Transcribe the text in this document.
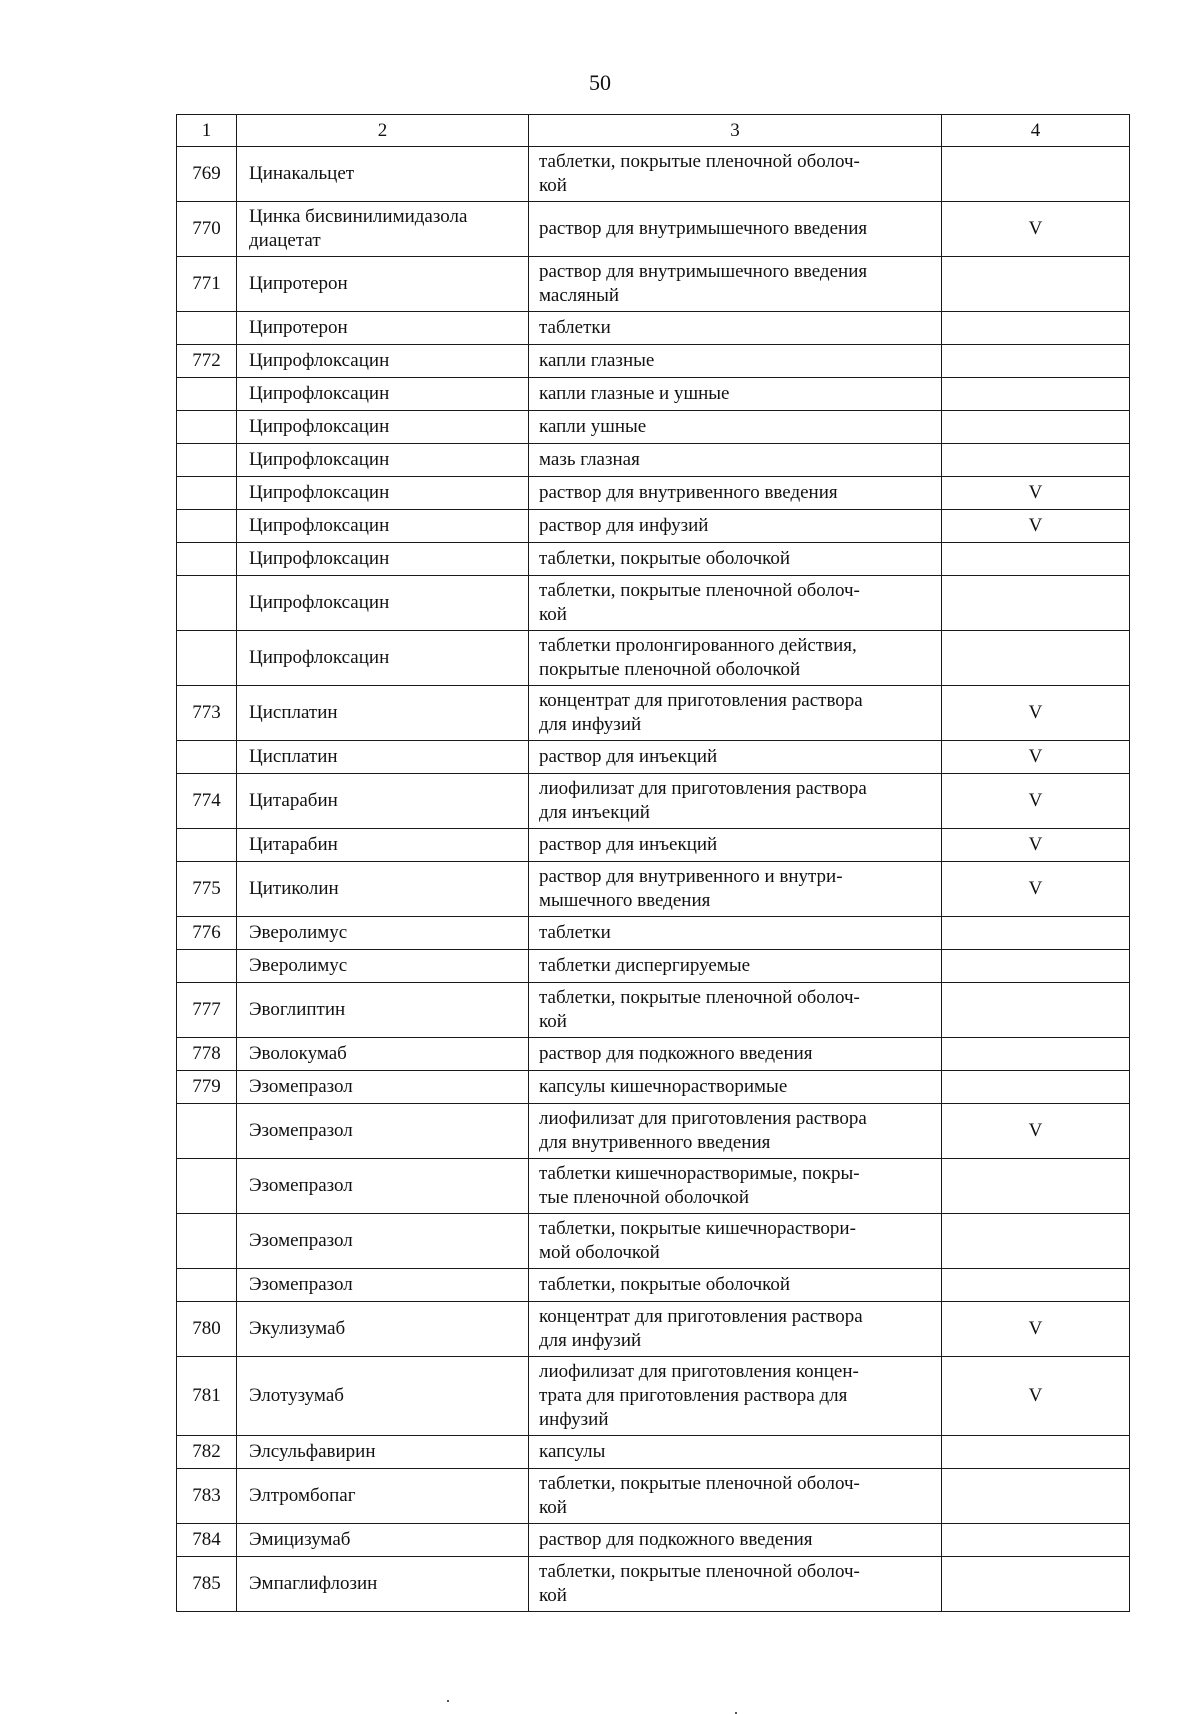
50
1	2	3	4
769	Цинакальцет	таблетки, покрытые пленочной оболоч-
кой	
770	Цинка бисвинилимидазола
диацетат	раствор для внутримышечного введения	V
771	Ципротерон	раствор для внутримышечного введения
масляный	
	Ципротерон	таблетки	
772	Ципрофлоксацин	капли глазные	
	Ципрофлоксацин	капли глазные и ушные	
	Ципрофлоксацин	капли ушные	
	Ципрофлоксацин	мазь глазная	
	Ципрофлоксацин	раствор для внутривенного введения	V
	Ципрофлоксацин	раствор для инфузий	V
	Ципрофлоксацин	таблетки, покрытые оболочкой	
	Ципрофлоксацин	таблетки, покрытые пленочной оболоч-
кой	
	Ципрофлоксацин	таблетки пролонгированного действия,
покрытые пленочной оболочкой	
773	Цисплатин	концентрат для приготовления раствора
для инфузий	V
	Цисплатин	раствор для инъекций	V
774	Цитарабин	лиофилизат для приготовления раствора
для инъекций	V
	Цитарабин	раствор для инъекций	V
775	Цитиколин	раствор для внутривенного и внутри-
мышечного введения	V
776	Эверолимус	таблетки	
	Эверолимус	таблетки диспергируемые	
777	Эвоглиптин	таблетки, покрытые пленочной оболоч-
кой	
778	Эволокумаб	раствор для подкожного введения	
779	Эзомепразол	капсулы кишечнорастворимые	
	Эзомепразол	лиофилизат для приготовления раствора
для внутривенного введения	V
	Эзомепразол	таблетки кишечнорастворимые, покры-
тые пленочной оболочкой	
	Эзомепразол	таблетки, покрытые кишечнораствори-
мой оболочкой	
	Эзомепразол	таблетки, покрытые оболочкой	
780	Экулизумаб	концентрат для приготовления раствора
для инфузий	V
781	Элотузумаб	лиофилизат для приготовления концен-
трата для приготовления раствора для
инфузий	V
782	Элсульфавирин	капсулы	
783	Элтромбопаг	таблетки, покрытые пленочной оболоч-
кой	
784	Эмицизумаб	раствор для подкожного введения	
785	Эмпаглифлозин	таблетки, покрытые пленочной оболоч-
кой	
